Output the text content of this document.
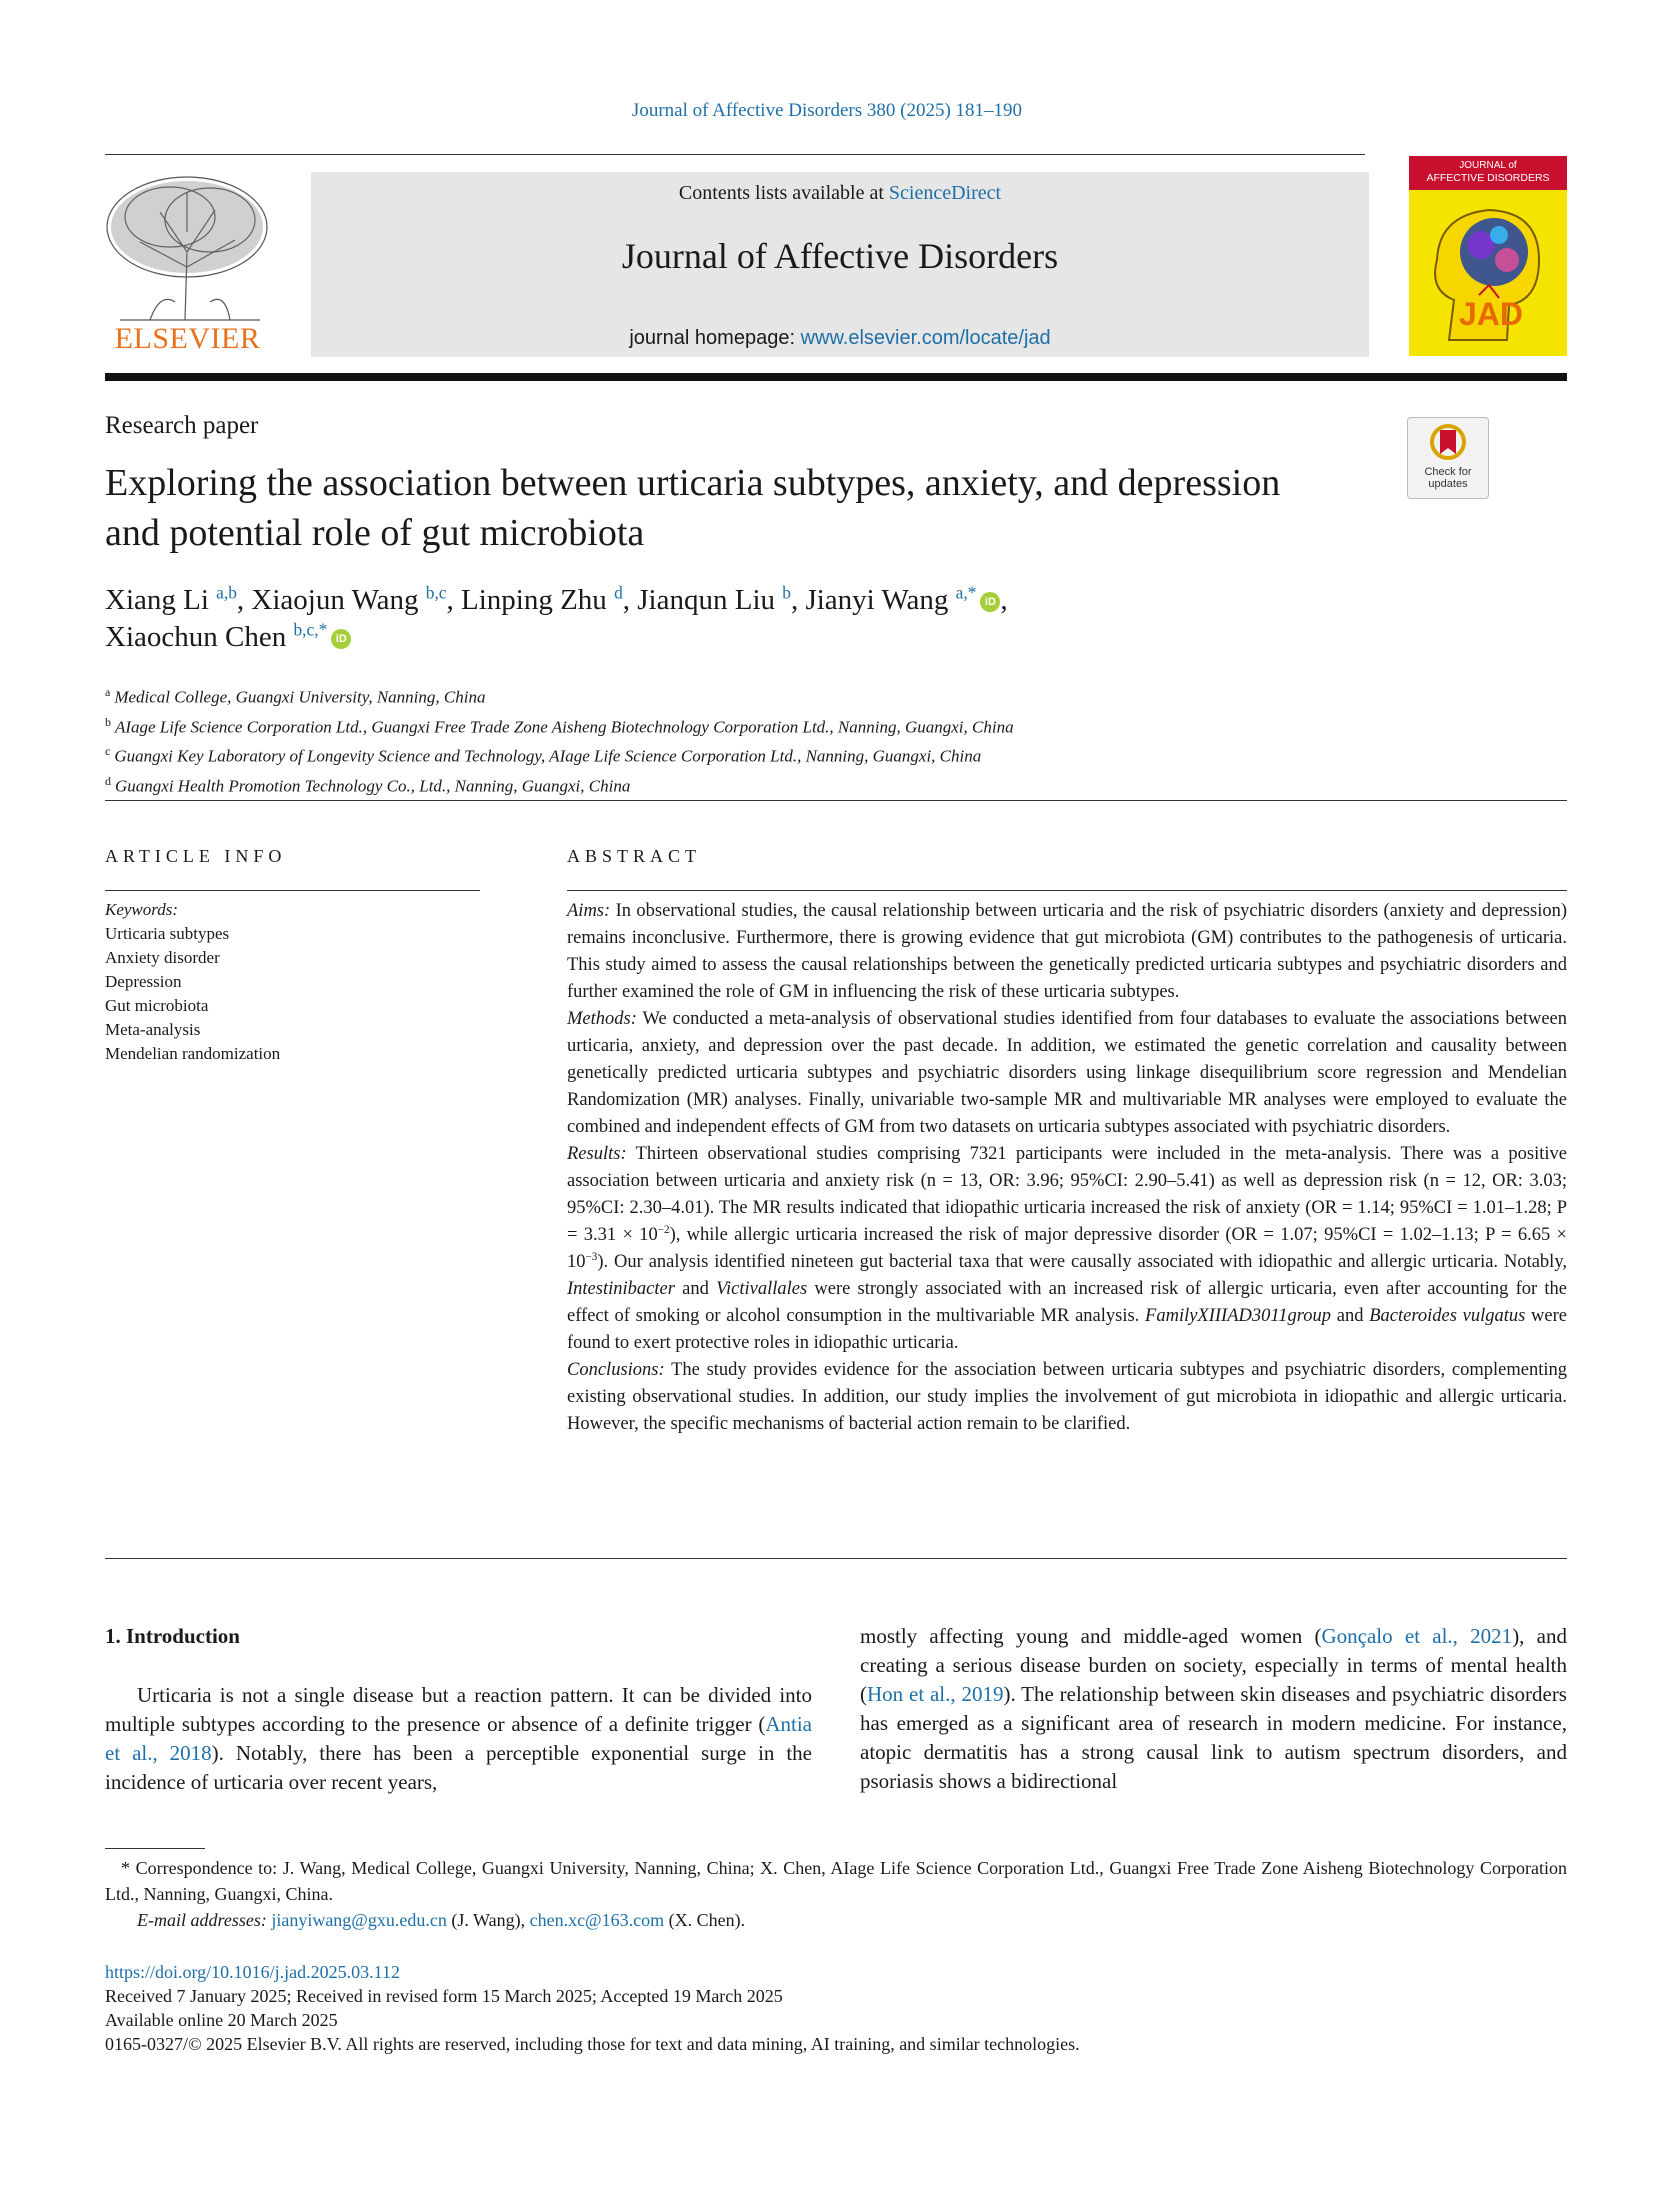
Journal of Affective Disorders 380 (2025) 181–190
ELSEVIER
Contents lists available at ScienceDirect
Journal of Affective Disorders
journal homepage: www.elsevier.com/locate/jad
JOURNAL of
AFFECTIVE DISORDERS
JAD
Research paper
Exploring the association between urticaria subtypes, anxiety, and depression and potential role of gut microbiota
Check for
updates
Xiang Li $^{a,b}$, Xiaojun Wang $^{b,c}$, Linping Zhu $^d$, Jianqun Liu $^b$, Jianyi Wang $^{a,*}$ iD ,
Xiaochun Chen $^{b,c,*}$ iD
$^a$ Medical College, Guangxi University, Nanning, China
$^b$ AIage Life Science Corporation Ltd., Guangxi Free Trade Zone Aisheng Biotechnology Corporation Ltd., Nanning, Guangxi, China
$^c$ Guangxi Key Laboratory of Longevity Science and Technology, AIage Life Science Corporation Ltd., Nanning, Guangxi, China
$^d$ Guangxi Health Promotion Technology Co., Ltd., Nanning, Guangxi, China
ARTICLE INFO
Keywords:
Urticaria subtypes
Anxiety disorder
Depression
Gut microbiota
Meta-analysis
Mendelian randomization
ABSTRACT

Aims: In observational studies, the causal relationship between urticaria and the risk of psychiatric disorders (anxiety and depression) remains inconclusive. Furthermore, there is growing evidence that gut microbiota (GM) contributes to the pathogenesis of urticaria. This study aimed to assess the causal relationships between the genetically predicted urticaria subtypes and psychiatric disorders and further examined the role of GM in influencing the risk of these urticaria subtypes.

Methods: We conducted a meta-analysis of observational studies identified from four databases to evaluate the associations between urticaria, anxiety, and depression over the past decade. In addition, we estimated the genetic correlation and causality between genetically predicted urticaria subtypes and psychiatric disorders using linkage disequilibrium score regression and Mendelian Randomization (MR) analyses. Finally, univariable two-sample MR and multivariable MR analyses were employed to evaluate the combined and independent effects of GM from two datasets on urticaria subtypes associated with psychiatric disorders.

Results: Thirteen observational studies comprising 7321 participants were included in the meta-analysis. There was a positive association between urticaria and anxiety risk (n = 13, OR: 3.96; 95%CI: 2.90–5.41) as well as depression risk (n = 12, OR: 3.03; 95%CI: 2.30–4.01). The MR results indicated that idiopathic urticaria increased the risk of anxiety (OR = 1.14; 95%CI = 1.01–1.28; $P = 3.31 \times 10^{-2}$), while allergic urticaria increased the risk of major depressive disorder (OR = 1.07; 95%CI = 1.02–1.13; $P = 6.65 \times 10^{-3}$). Our analysis identified nineteen gut bacterial taxa that were causally associated with idiopathic and allergic urticaria. Notably, Intestinibacter and Victivallales were strongly associated with an increased risk of allergic urticaria, even after accounting for the effect of smoking or alcohol consumption in the multivariable MR analysis. FamilyXIIIAD3011group and Bacteroides vulgatus were found to exert protective roles in idiopathic urticaria.

Conclusions: The study provides evidence for the association between urticaria subtypes and psychiatric disorders, complementing existing observational studies. In addition, our study implies the involvement of gut microbiota in idiopathic and allergic urticaria. However, the specific mechanisms of bacterial action remain to be clarified.

1. Introduction

Urticaria is not a single disease but a reaction pattern. It can be divided into multiple subtypes according to the presence or absence of a definite trigger (Antia et al., 2018). Notably, there has been a perceptible exponential surge in the incidence of urticaria over recent years,

mostly affecting young and middle-aged women (Gonçalo et al., 2021), and creating a serious disease burden on society, especially in terms of mental health (Hon et al., 2019). The relationship between skin diseases and psychiatric disorders has emerged as a significant area of research in modern medicine. For instance, atopic dermatitis has a strong causal link to autism spectrum disorders, and psoriasis shows a bidirectional

* Correspondence to: J. Wang, Medical College, Guangxi University, Nanning, China; X. Chen, AIage Life Science Corporation Ltd., Guangxi Free Trade Zone Aisheng Biotechnology Corporation Ltd., Nanning, Guangxi, China.

E-mail addresses: jianyiwang@gxu.edu.cn (J. Wang), chen.xc@163.com (X. Chen).

https://doi.org/10.1016/j.jad.2025.03.112
Received 7 January 2025; Received in revised form 15 March 2025; Accepted 19 March 2025
Available online 20 March 2025
0165-0327/© 2025 Elsevier B.V. All rights are reserved, including those for text and data mining, AI training, and similar technologies.
